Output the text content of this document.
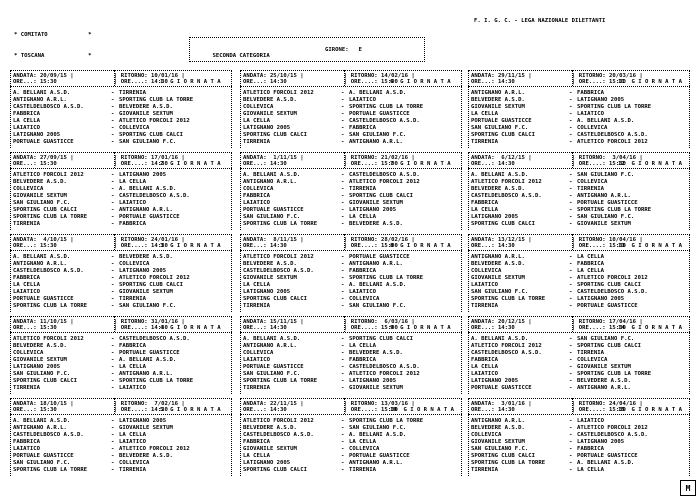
* COMITATO            *

* TOSCANA             *

F. I. G. C. - LEGA NAZIONALE DILETTANTI

SECONDA CATEGORIA

GIRONE:   E

ANDATA: 20/09/15 |	| RITORNO: 10/01/16 |
ORE...: 15:30	| ORE....: 14:30
1  G I O R N A T A
A. BELLANI A.S.D.	- TIRRENIA
ANTIGNANO A.R.L.	- SPORTING CLUB LA TORRE
CASTELDELBOSCO A.S.D.	- BELVEDERE A.S.D.
FABBRICA	- GIOVANILE SEXTUM
LA CELLA	- ATLETICO FORCOLI 2012
LAIATICO	- COLLEVICA
LATIGNANO 2005	- SPORTING CLUB CALCI
PORTUALE GUASTICCE	- SAN GIULIANO F.C.
ANDATA: 25/10/15 |	| RITORNO: 14/02/16 |
ORE...: 14:30	| ORE....: 15:00
6  G I O R N A T A
ATLETICO FORCOLI 2012	- A. BELLANI A.S.D.
BELVEDERE A.S.D.	- LAIATICO
COLLEVICA	- SPORTING CLUB LA TORRE
GIOVANILE SEXTUM	- PORTUALE GUASTICCE
LA CELLA	- CASTELDELBOSCO A.S.D.
LATIGNANO 2005	- FABBRICA
SPORTING CLUB CALCI	- SAN GIULIANO F.C.
TIRRENIA	- ANTIGNANO A.R.L.
ANDATA: 29/11/15 |	| RITORNO: 20/03/16 |
ORE...: 14:30	| ORE....: 15:00
11  G I O R N A T A
ANTIGNANO A.R.L.	- FABBRICA
BELVEDERE A.S.D.	- LATIGNANO 2005
GIOVANILE SEXTUM	- SPORTING CLUB LA TORRE
LA CELLA	- LAIATICO
PORTUALE GUASTICCE	- A. BELLANI A.S.D.
SAN GIULIANO F.C.	- COLLEVICA
SPORTING CLUB CALCI	- CASTELDELBOSCO A.S.D.
TIRRENIA	- ATLETICO FORCOLI 2012
ANDATA: 27/09/15 |	| RITORNO: 17/01/16 |
ORE...: 15:30	| ORE....: 14:30
2  G I O R N A T A
ATLETICO FORCOLI 2012	- LATIGNANO 2005
BELVEDERE A.S.D.	- LA CELLA
COLLEVICA	- A. BELLANI A.S.D.
GIOVANILE SEXTUM	- CASTELDELBOSCO A.S.D.
SAN GIULIANO F.C.	- LAIATICO
SPORTING CLUB CALCI	- ANTIGNANO A.R.L.
SPORTING CLUB LA TORRE	- PORTUALE GUASTICCE
TIRRENIA	- FABBRICA
ANDATA:  1/11/15 |	| RITORNO: 21/02/16 |
ORE...: 14:30	| ORE....: 15:00
7  G I O R N A T A
A. BELLANI A.S.D.	- CASTELDELBOSCO A.S.D.
ANTIGNANO A.R.L.	- ATLETICO FORCOLI 2012
COLLEVICA	- TIRRENIA
FABBRICA	- SPORTING CLUB CALCI
LAIATICO	- GIOVANILE SEXTUM
PORTUALE GUASTICCE	- LATIGNANO 2005
SAN GIULIANO F.C.	- LA CELLA
SPORTING CLUB LA TORRE	- BELVEDERE A.S.D.
ANDATA:  6/12/15 |	| RITORNO:  3/04/16 |
ORE...: 14:30	| ORE....: 15:30
12  G I O R N A T A
A. BELLANI A.S.D.	- SAN GIULIANO F.C.
ATLETICO FORCOLI 2012	- COLLEVICA
BELVEDERE A.S.D.	- TIRRENIA
CASTELDELBOSCO A.S.D.	- ANTIGNANO A.R.L.
FABBRICA	- PORTUALE GUASTICCE
LA CELLA	- SPORTING CLUB LA TORRE
LATIGNANO 2005	- SAN GIULIANO F.C.
SPORTING CLUB CALCI	- GIOVANILE SEXTUM
ANDATA:  4/10/15 |	| RITORNO: 24/01/16 |
ORE...: 15:30	| ORE....: 14:30
3  G I O R N A T A
A. BELLANI A.S.D.	- BELVEDERE A.S.D.
ANTIGNANO A.R.L.	- COLLEVICA
CASTELDELBOSCO A.S.D.	- LATIGNANO 2005
FABBRICA	- ATLETICO FORCOLI 2012
LA CELLA	- SPORTING CLUB CALCI
LAIATICO	- GIOVANILE SEXTUM
PORTUALE GUASTICCE	- TIRRENIA
SPORTING CLUB LA TORRE	- SAN GIULIANO F.C.
ANDATA:  8/11/15 |	| RITORNO: 28/02/16 |
ORE...: 14:30	| ORE....: 15:00
8  G I O R N A T A
ATLETICO FORCOLI 2012	- PORTUALE GUASTICCE
BELVEDERE A.S.D.	- ANTIGNANO A.R.L.
CASTELDELBOSCO A.S.D.	- FABBRICA
GIOVANILE SEXTUM	- SPORTING CLUB LA TORRE
LA CELLA	- A. BELLANI A.S.D.
LATIGNANO 2005	- LAIATICO
SPORTING CLUB CALCI	- COLLEVICA
TIRRENIA	- SAN GIULIANO F.C.
ANDATA: 13/12/15 |	| RITORNO: 10/04/16 |
ORE...: 14:30	| ORE....: 15:30
13  G I O R N A T A
ANTIGNANO A.R.L.	- LA CELLA
BELVEDERE A.S.D.	- FABBRICA
COLLEVICA	- LA CELLA
GIOVANILE SEXTUM	- ATLETICO FORCOLI 2012
LAIATICO	- SPORTING CLUB CALCI
SAN GIULIANO F.C.	- CASTELDELBOSCO A.S.D.
SPORTING CLUB LA TORRE	- LATIGNANO 2005
TIRRENIA	- PORTUALE GUASTICCE
ANDATA: 11/10/15 |	| RITORNO: 31/01/16 |
ORE...: 15:30	| ORE....: 14:30
4  G I O R N A T A
ATLETICO FORCOLI 2012	- CASTELDELBOSCO A.S.D.
BELVEDERE A.S.D.	- FABBRICA
COLLEVICA	- PORTUALE GUASTICCE
GIOVANILE SEXTUM	- A. BELLANI A.S.D.
LATIGNANO 2005	- LA CELLA
SAN GIULIANO F.C.	- ANTIGNANO A.R.L.
SPORTING CLUB CALCI	- SPORTING CLUB LA TORRE
TIRRENIA	- LAIATICO
ANDATA: 15/11/15 |	| RITORNO:  6/03/16 |
ORE...: 14:30	| ORE....: 15:00
9  G I O R N A T A
A. BELLANI A.S.D.	- SPORTING CLUB CALCI
ANTIGNANO A.R.L.	- LA CELLA
COLLEVICA	- BELVEDERE A.S.D.
LAIATICO	- FABBRICA
PORTUALE GUASTICCE	- CASTELDELBOSCO A.S.D.
SAN GIULIANO F.C.	- ATLETICO FORCOLI 2012
SPORTING CLUB LA TORRE	- LATIGNANO 2005
TIRRENIA	- GIOVANILE SEXTUM
ANDATA: 20/12/15 |	| RITORNO: 17/04/16 |
ORE...: 14:30	| ORE....: 15:30
14  G I O R N A T A
A. BELLANI A.S.D.	- SAN GIULIANO F.C.
ATLETICO FORCOLI 2012	- SPORTING CLUB CALCI
CASTELDELBOSCO A.S.D.	- TIRRENIA
FABBRICA	- COLLEVICA
LA CELLA	- GIOVANILE SEXTUM
LAIATICO	- SPORTING CLUB LA TORRE
LATIGNANO 2005	- BELVEDERE A.S.D.
PORTUALE GUASTICCE	- ANTIGNANO A.R.L.
ANDATA: 18/10/15 |	| RITORNO:  7/02/16 |
ORE...: 15:30	| ORE....: 14:30
5  G I O R N A T A
A. BELLANI A.S.D.	- LATIGNANO 2005
ANTIGNANO A.R.L.	- GIOVANILE SEXTUM
CASTELDELBOSCO A.S.D.	- LA CELLA
FABBRICA	- LAIATICO
LAIATICO	- ATLETICO FORCOLI 2012
PORTUALE GUASTICCE	- BELVEDERE A.S.D.
SAN GIULIANO F.C.	- COLLEVICA
SPORTING CLUB LA TORRE	- TIRRENIA
ANDATA: 22/11/15 |	| RITORNO: 13/03/16 |
ORE...: 14:30	| ORE....: 15:00
10  G I O R N A T A
ATLETICO FORCOLI 2012	- SPORTING CLUB LA TORRE
BELVEDERE A.S.D.	- SAN GIULIANO F.C.
CASTELDELBOSCO A.S.D.	- A. BELLANI A.S.D.
FABBRICA	- LA CELLA
GIOVANILE SEXTUM	- COLLEVICA
LA CELLA	- PORTUALE GUASTICCE
LATIGNANO 2005	- ANTIGNANO A.R.L.
SPORTING CLUB CALCI	- TIRRENIA
ANDATA:  3/01/16 |	| RITORNO: 24/04/16 |
ORE...: 14:30	| ORE....: 15:30
15  G I O R N A T A
ANTIGNANO A.R.L.	- LAIATICO
BELVEDERE A.S.D.	- ATLETICO FORCOLI 2012
COLLEVICA	- CASTELDELBOSCO A.S.D.
GIOVANILE SEXTUM	- LATIGNANO 2005
SAN GIULIANO F.C.	- FABBRICA
SPORTING CLUB CALCI	- PORTUALE GUASTICCE
SPORTING CLUB LA TORRE	- A. BELLANI A.S.D.
TIRRENIA	- LA CELLA
M
